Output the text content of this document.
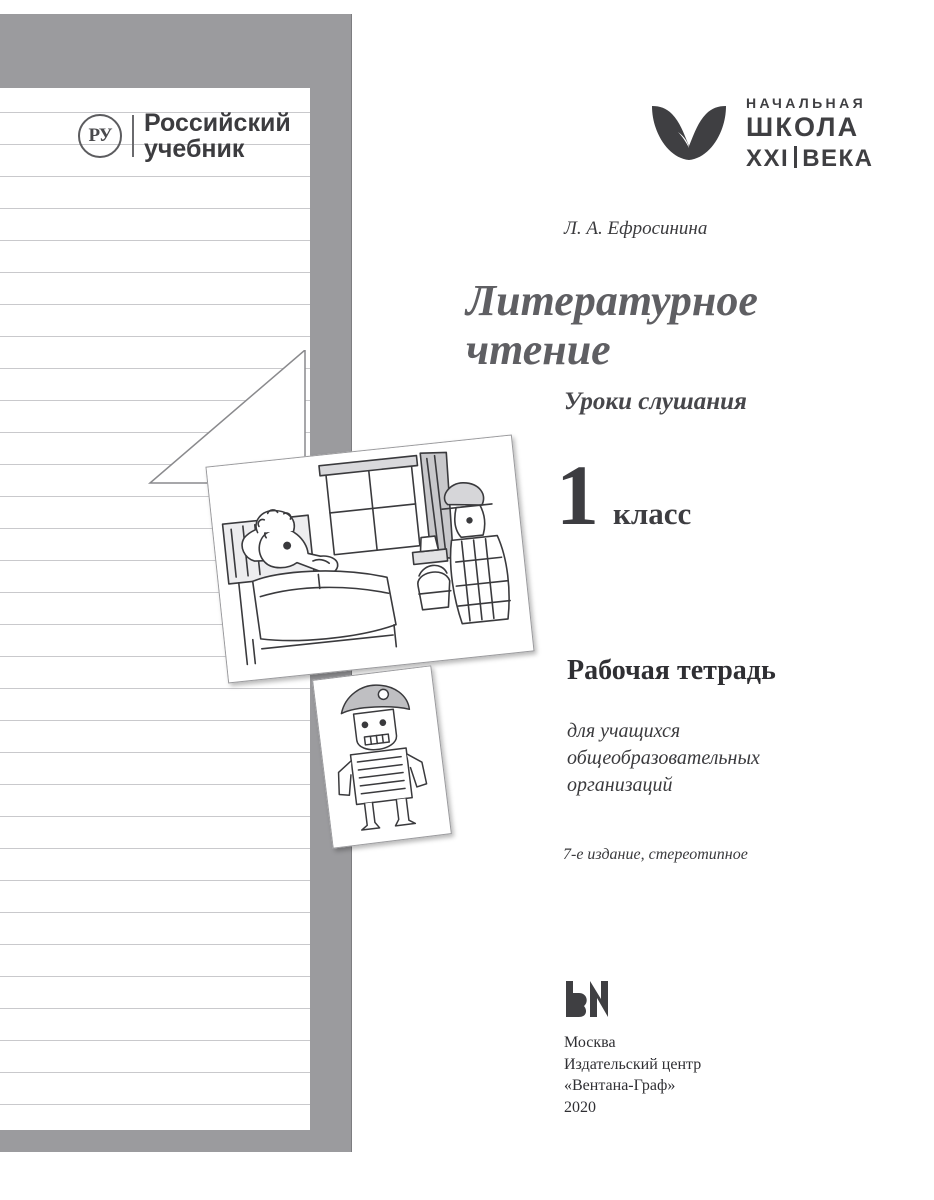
РУ	Российский
учебник
НАЧАЛЬНАЯ
ШКОЛА
XXI ВЕКА
Л. А. Ефросинина
Литературное
чтение
Уроки слушания
1 класс
Рабочая тетрадь
для учащихся
общеобразовательных
организаций
7-е издание, стереотипное
Москва
Издательский центр
«Вентана-Граф»
2020
